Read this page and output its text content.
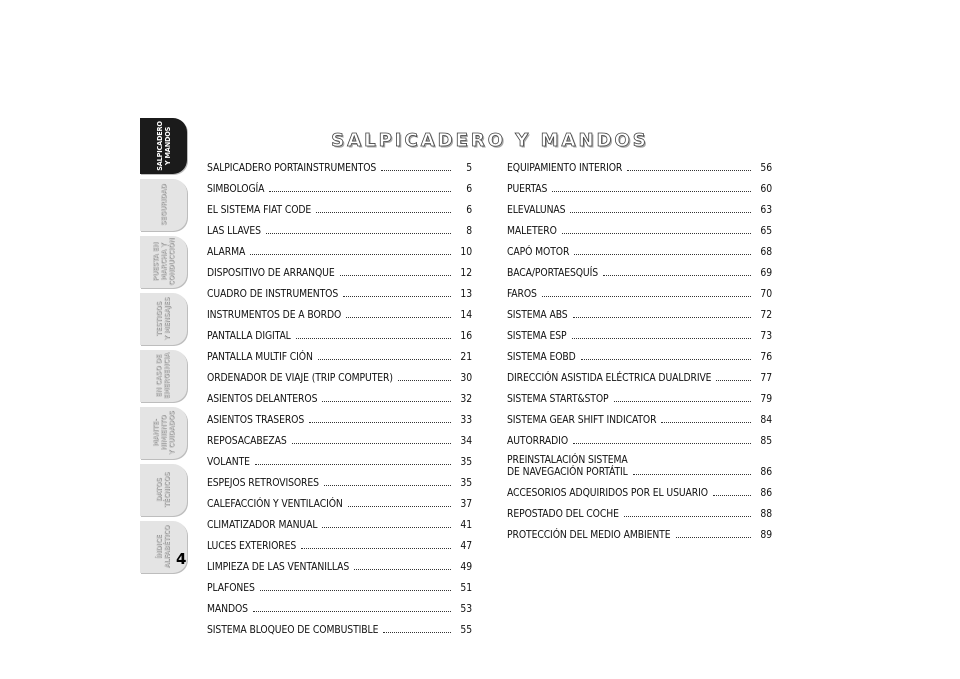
SALPICADERO
Y MANDOS
SEGURIDAD
PUESTA EN
MARCHA Y
CONDUCCIÓN
TESTIGOS
Y MENSAJES
EN CASO DE
EMERGENCIA
MANTE-
NIMIENTO
Y CUIDADOS
DATOS
TÉCNICOS
ÍNDICE
ALFABÉTICO 4
SALPICADERO Y MANDOS
SALPICADERO PORTAINSTRUMENTOS	5
SIMBOLOGÍA	6
EL SISTEMA FIAT CODE	6
LAS LLAVES	8
ALARMA	10
DISPOSITIVO DE ARRANQUE	12
CUADRO DE INSTRUMENTOS	13
INSTRUMENTOS DE A BORDO	14
PANTALLA DIGITAL	16
PANTALLA MULTIF CIÓN	21
ORDENADOR DE VIAJE (TRIP COMPUTER)	30
ASIENTOS DELANTEROS	32
ASIENTOS TRASEROS	33
REPOSACABEZAS	34
VOLANTE	35
ESPEJOS RETROVISORES	35
CALEFACCIÓN Y VENTILACIÓN	37
CLIMATIZADOR MANUAL	41
LUCES EXTERIORES	47
LIMPIEZA DE LAS VENTANILLAS	49
PLAFONES	51
MANDOS	53
SISTEMA BLOQUEO DE COMBUSTIBLE	55
EQUIPAMIENTO INTERIOR	56
PUERTAS	60
ELEVALUNAS	63
MALETERO	65
CAPÓ MOTOR	68
BACA/PORTAESQUÍS	69
FAROS	70
SISTEMA ABS	72
SISTEMA ESP	73
SISTEMA EOBD	76
DIRECCIÓN ASISTIDA ELÉCTRICA DUALDRIVE	77
SISTEMA START&STOP	79
SISTEMA GEAR SHIFT INDICATOR	84
AUTORRADIO	85
PREINSTALACIÓN SISTEMA
DE NAVEGACIÓN PORTÁTIL	86
ACCESORIOS ADQUIRIDOS POR EL USUARIO	86
REPOSTADO DEL COCHE	88
PROTECCIÓN DEL MEDIO AMBIENTE	89
